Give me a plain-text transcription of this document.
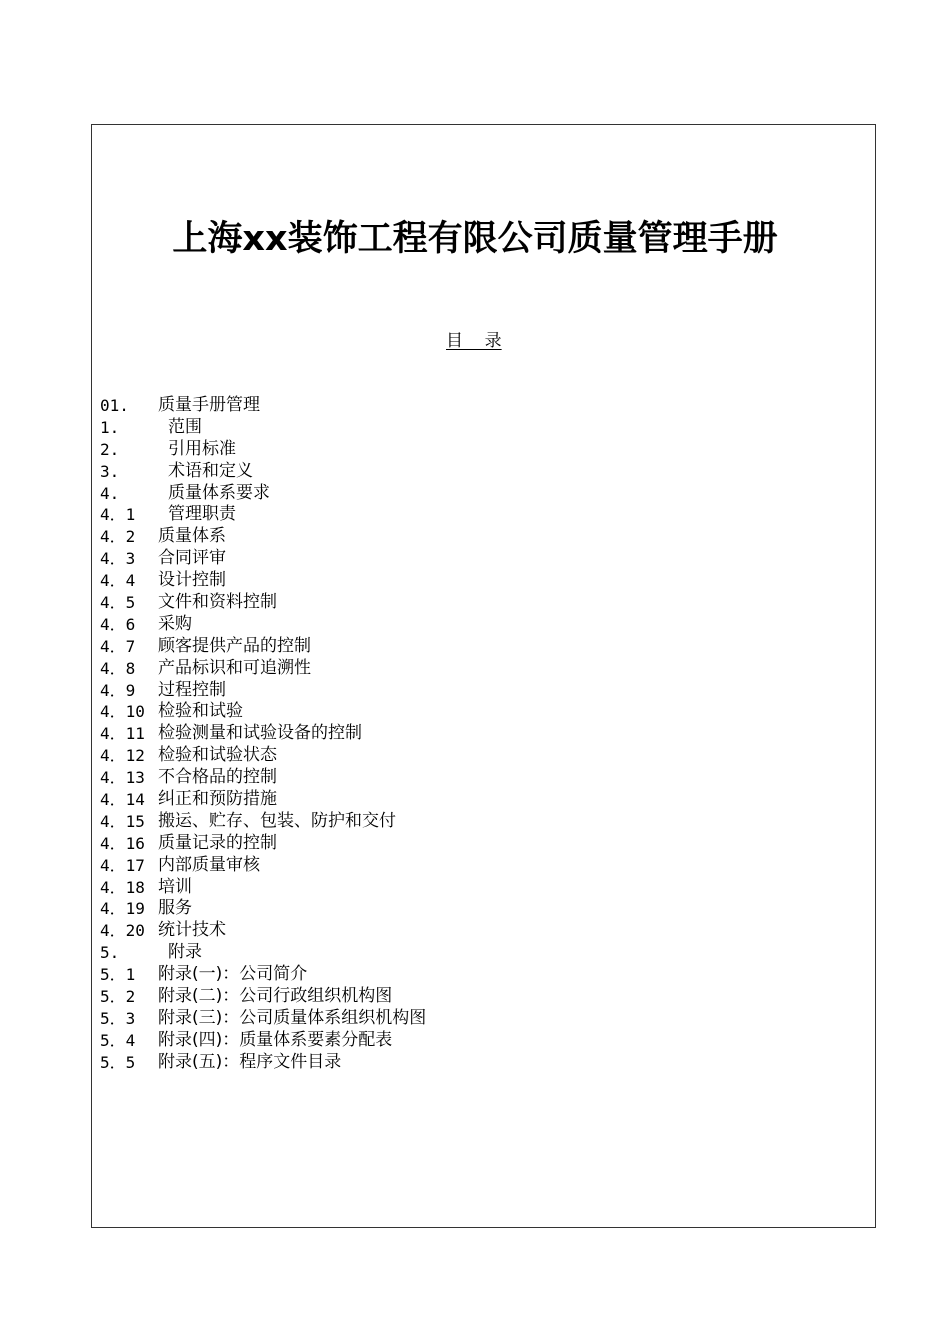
上海xx装饰工程有限公司质量管理手册
目    录
01.	质量手册管理
1.	范围
2.	引用标准
3.	术语和定义
4.	质量体系要求
4．1	管理职责
4．2	质量体系
4．3	合同评审
4．4	设计控制
4．5	文件和资料控制
4．6	采购
4．7	顾客提供产品的控制
4．8	产品标识和可追溯性
4．9	过程控制
4．10 检验和试验
4．11 检验测量和试验设备的控制
4．12 检验和试验状态
4．13 不合格品的控制
4．14 纠正和预防措施
4．15 搬运、贮存、包装、防护和交付
4．16 质量记录的控制
4．17 内部质量审核
4．18 培训
4．19 服务
4．20 统计技术
5.	附录
5．1	附录(一)：公司简介
5．2	附录(二)：公司行政组织机构图
5．3	附录(三)：公司质量体系组织机构图
5．4	附录(四)：质量体系要素分配表
5．5	附录(五)：程序文件目录
